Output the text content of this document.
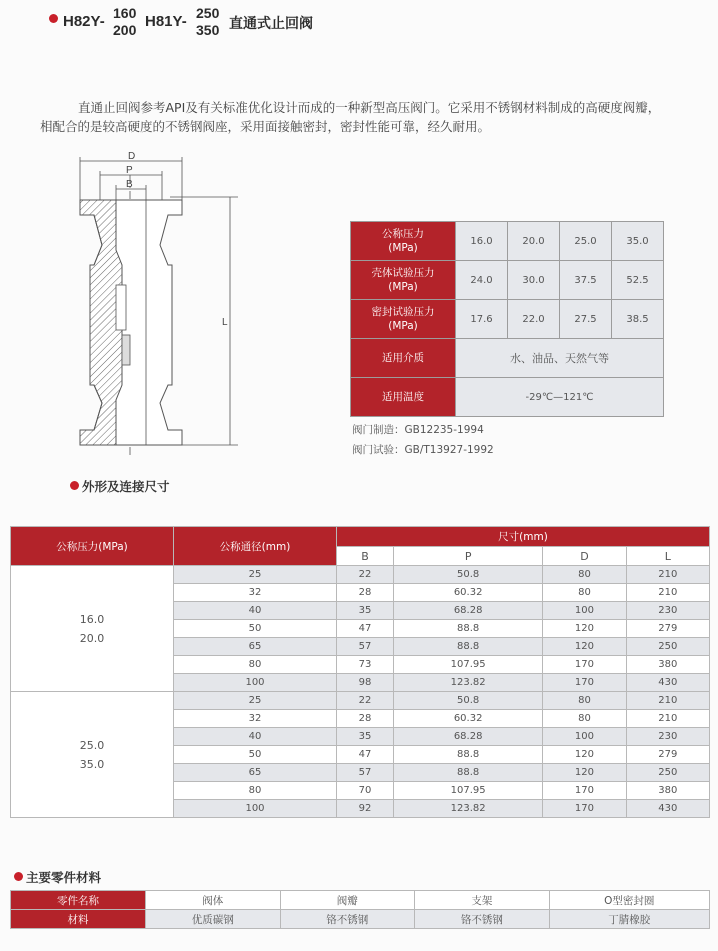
H82Y- 160
200 H81Y- 250
350 直通式止回阀
直通止回阀参考API及有关标准优化设计而成的一种新型高压阀门。它采用不锈钢材料制成的高硬度阀瓣，相配合的是较高硬度的不锈钢阀座，采用面接触密封，密封性能可靠，经久耐用。
D
P
B
L
公称压力
(MPa)	16.0	20.0	25.0	35.0
壳体试验压力
(MPa)	24.0	30.0	37.5	52.5
密封试验压力
(MPa)	17.6	22.0	27.5	38.5
适用介质	水、油品、天然气等			
适用温度	-29℃—121℃			
阀门制造：GB12235-1994
阀门试验：GB/T13927-1992
外形及连接尺寸
公称压力(MPa)	公称通径(mm)	尺寸(mm)			
		B	P	D	L

16.0
20.0	25	22	50.8	80	210
	32	28	60.32	80	210
	40	35	68.28	100	230
	50	47	88.8	120	279
	65	57	88.8	120	250
	80	73	107.95	170	380
	100	98	123.82	170	430

25.0
35.0	25	22	50.8	80	210
	32	28	60.32	80	210
	40	35	68.28	100	230
	50	47	88.8	120	279
	65	57	88.8	120	250
	80	70	107.95	170	380
	100	92	123.82	170	430
主要零件材料
零件名称	阀体	阀瓣	支架	O型密封圈
材料	优质碳钢	铬不锈钢	铬不锈钢	丁腈橡胶
